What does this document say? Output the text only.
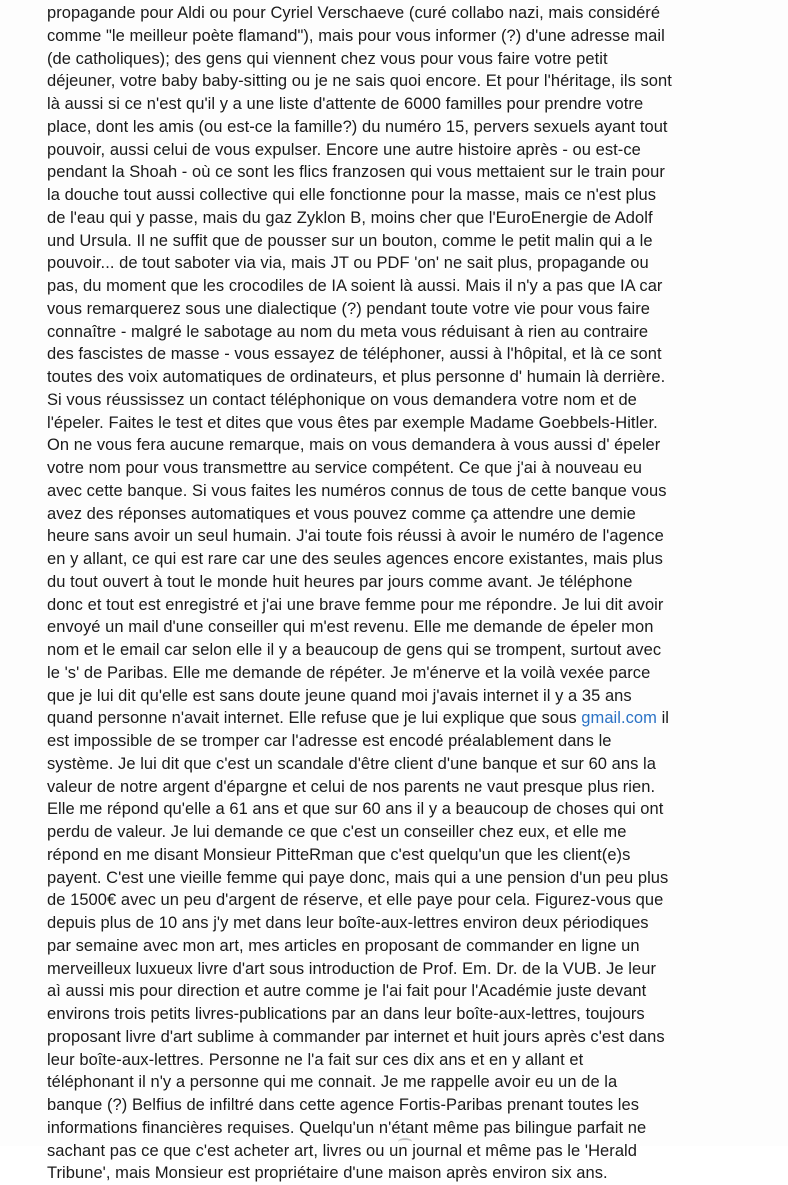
propagande pour Aldi ou pour Cyriel Verschaeve (curé collabo nazi, mais considéré
comme "le meilleur poète flamand"), mais pour vous informer (?) d'une adresse mail
(de catholiques); des gens qui viennent chez vous pour vous faire votre petit
déjeuner, votre baby baby-sitting ou je ne sais quoi encore. Et pour l'héritage, ils sont
là aussi si ce n'est qu'il y a une liste d'attente de 6000 familles pour prendre votre
place, dont les amis (ou est-ce la famille?) du numéro 15, pervers sexuels ayant tout
pouvoir, aussi celui de vous expulser. Encore une autre histoire après - ou est-ce
pendant la Shoah - où ce sont les flics franzosen qui vous mettaient sur le train pour
la douche tout aussi collective qui elle fonctionne pour la masse, mais ce n'est plus
de l'eau qui y passe, mais du gaz Zyklon B, moins cher que l'EuroEnergie de Adolf
und Ursula. Il ne suffit que de pousser sur un bouton, comme le petit malin qui a le
pouvoir... de tout saboter via via, mais JT ou PDF 'on' ne sait plus, propagande ou
pas, du moment que les crocodiles de IA soient là aussi. Mais il n'y a pas que IA car
vous remarquerez sous une dialectique (?) pendant toute votre vie pour vous faire
connaître - malgré le sabotage au nom du meta vous réduisant à rien au contraire
des fascistes de masse - vous essayez de téléphoner, aussi à l'hôpital, et là ce sont
toutes des voix automatiques de ordinateurs, et plus personne d' humain là derrière.
Si vous réussissez un contact téléphonique on vous demandera votre nom et de
l'épeler. Faites le test et dites que vous êtes par exemple Madame Goebbels-Hitler.
On ne vous fera aucune remarque, mais on vous demandera à vous aussi d' épeler
votre nom pour vous transmettre au service compétent. Ce que j'ai à nouveau eu
avec cette banque. Si vous faites les numéros connus de tous de cette banque vous
avez des réponses automatiques et vous pouvez comme ça attendre une demie
heure sans avoir un seul humain. J'ai toute fois réussi à avoir le numéro de l'agence
en y allant, ce qui est rare car une des seules agences encore existantes, mais plus
du tout ouvert à tout le monde huit heures par jours comme avant. Je téléphone
donc et tout est enregistré et j'ai une brave femme pour me répondre. Je lui dit avoir
envoyé un mail d'une conseiller qui m'est revenu. Elle me demande de épeler mon
nom et le email car selon elle il y a beaucoup de gens qui se trompent, surtout avec
le 's' de Paribas. Elle me demande de répéter. Je m'énerve et la voilà vexée parce
que je lui dit qu'elle est sans doute jeune quand moi j'avais internet il y a 35 ans
quand personne n'avait internet. Elle refuse que je lui explique que sous gmail.com il
est impossible de se tromper car l'adresse est encodé préalablement dans le
système. Je lui dit que c'est un scandale d'être client d'une banque et sur 60 ans la
valeur de notre argent d'épargne et celui de nos parents ne vaut presque plus rien.
Elle me répond qu'elle a 61 ans et que sur 60 ans il y a beaucoup de choses qui ont
perdu de valeur. Je lui demande ce que c'est un conseiller chez eux, et elle me
répond en me disant Monsieur PitteRman que c'est quelqu'un que les client(e)s
payent. C'est une vieille femme qui paye donc, mais qui a une pension d'un peu plus
de 1500€ avec un peu d'argent de réserve, et elle paye pour cela. Figurez-vous que
depuis plus de 10 ans j'y met dans leur boîte-aux-lettres environ deux périodiques
par semaine avec mon art, mes articles en proposant de commander en ligne un
merveilleux luxueux livre d'art sous introduction de Prof. Em. Dr. de la VUB. Je leur
aì aussi mis pour direction et autre comme je l'ai fait pour l'Académie juste devant
environs trois petits livres-publications par an dans leur boîte-aux-lettres, toujours
proposant livre d'art sublime à commander par internet et huit jours après c'est dans
leur boîte-aux-lettres. Personne ne l'a fait sur ces dix ans et en y allant et
téléphonant il n'y a personne qui me connait. Je me rappelle avoir eu un de la
banque (?) Belfius de infiltré dans cette agence Fortis-Paribas prenant toutes les
informations financières requises. Quelqu'un n'étant même pas bilingue parfait ne
sachant pas ce que c'est acheter art, livres ou un journal et même pas le 'Herald
Tribune', mais Monsieur est propriétaire d'une maison après environ six ans.
